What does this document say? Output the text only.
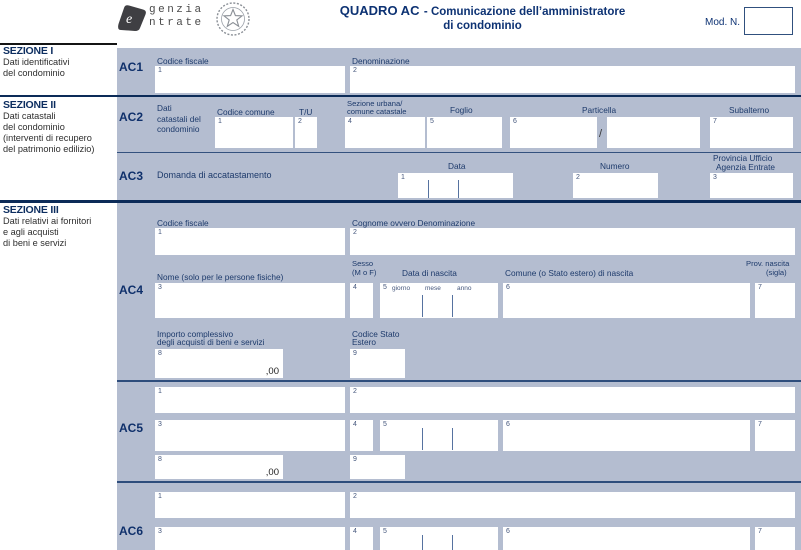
e
genzia
ntrate
QUADRO AC - Comunicazione dell’amministratore
di condominio	Mod. N.
SEZIONE I
Dati identificativi
del condominio
SEZIONE II
Dati catastali
del condominio
(interventi di recupero
del patrimonio edilizio)
SEZIONE III
Dati relativi ai fornitori
e agli acquisti
di beni e servizi
AC1 Codice fiscale
1
Denominazione
2
AC2
Dati
catastali del
condominio
Codice comune
1
T/U
2
Sezione urbana/
comune catastale
4
Foglio
5
Particella
6
/
Subalterno
7
AC3 Domanda di accatastamento
Data
1
Numero
2
Provincia Ufficio
Agenzia Entrate
3
AC4
Codice fiscale
1
Cognome ovvero Denominazione
2
Nome (solo per le persone fisiche)
3
Sesso
(M o F)
4
Data di nascita
5 giorno mese anno
Comune (o Stato estero) di nascita
6
Prov. nascita
(sigla)
7
Importo complessivo
degli acquisti di beni e servizi
8
,00
Codice Stato
Estero
9
AC5
1	2
3	4	5	6	7
8
,00
9
AC6
1	2
3	4	5	6	7
